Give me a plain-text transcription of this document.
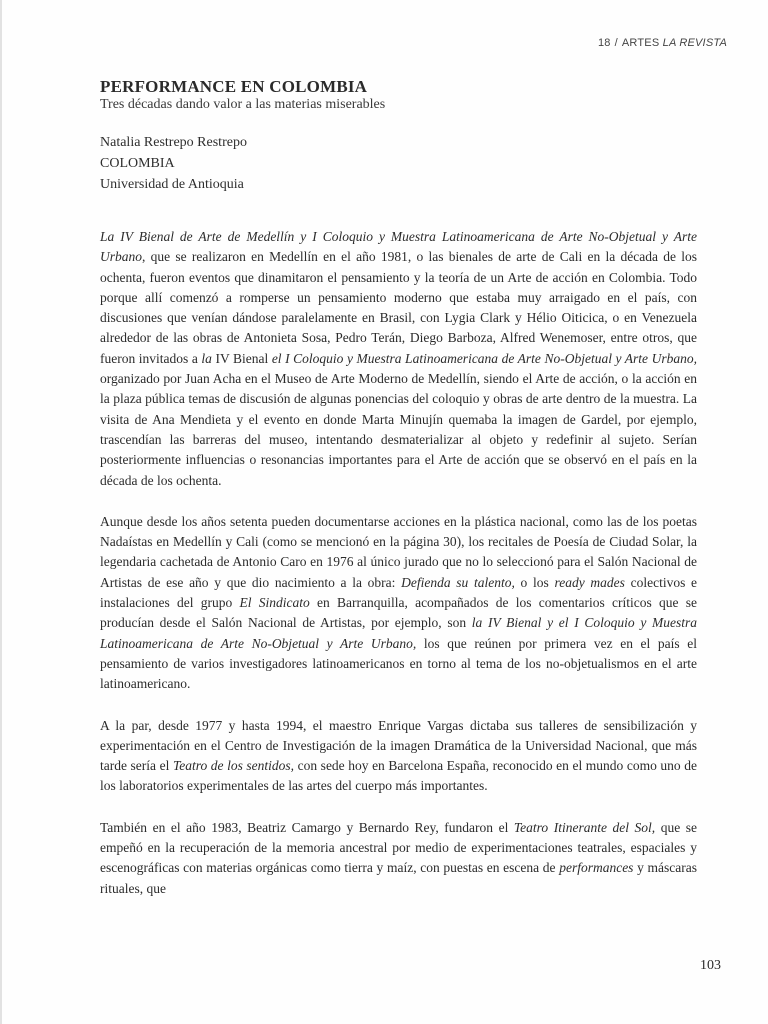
18 / ARTES LA REVISTA
PERFORMANCE EN COLOMBIA
Tres décadas dando valor a las materias miserables
Natalia Restrepo Restrepo
COLOMBIA
Universidad de Antioquia

La IV Bienal de Arte de Medellín y I Coloquio y Muestra Latinoamericana de Arte No-Objetual y Arte Urbano, que se realizaron en Medellín en el año 1981, o las bienales de arte de Cali en la década de los ochenta, fueron eventos que dinamitaron el pensamiento y la teoría de un Arte de acción en Colombia. Todo porque allí comenzó a romperse un pensamiento moderno que estaba muy arraigado en el país, con discusiones que venían dándose paralelamente en Brasil, con Lygia Clark y Hélio Oiticica, o en Venezuela alrededor de las obras de Antonieta Sosa, Pedro Terán, Diego Barboza, Alfred Wenemoser, entre otros, que fueron invitados a la IV Bienal el I Coloquio y Muestra Latinoamericana de Arte No-Objetual y Arte Urbano, organizado por Juan Acha en el Museo de Arte Moderno de Medellín, siendo el Arte de acción, o la acción en la plaza pública temas de discusión de algunas ponencias del coloquio y obras de arte dentro de la muestra. La visita de Ana Mendieta y el evento en donde Marta Minujín quemaba la imagen de Gardel, por ejemplo, trascendían las barreras del museo, intentando desmaterializar al objeto y redefinir al sujeto. Serían posteriormente influencias o resonancias importantes para el Arte de acción que se observó en el país en la década de los ochenta.

Aunque desde los años setenta pueden documentarse acciones en la plástica nacional, como las de los poetas Nadaístas en Medellín y Cali (como se mencionó en la página 30), los recitales de Poesía de Ciudad Solar, la legendaria cachetada de Antonio Caro en 1976 al único jurado que no lo seleccionó para el Salón Nacional de Artistas de ese año y que dio nacimiento a la obra: Defienda su talento, o los ready mades colectivos e instalaciones del grupo El Sindicato en Barranquilla, acompañados de los comentarios críticos que se producían desde el Salón Nacional de Artistas, por ejemplo, son la IV Bienal y el I Coloquio y Muestra Latinoamericana de Arte No-Objetual y Arte Urbano, los que reúnen por primera vez en el país el pensamiento de varios investigadores latinoamericanos en torno al tema de los no-objetualismos en el arte latinoamericano.

A la par, desde 1977 y hasta 1994, el maestro Enrique Vargas dictaba sus talleres de sensibilización y experimentación en el Centro de Investigación de la imagen Dramática de la Universidad Nacional, que más tarde sería el Teatro de los sentidos, con sede hoy en Barcelona España, reconocido en el mundo como uno de los laboratorios experimentales de las artes del cuerpo más importantes.

También en el año 1983, Beatriz Camargo y Bernardo Rey, fundaron el Teatro Itinerante del Sol, que se empeñó en la recuperación de la memoria ancestral por medio de experimentaciones teatrales, espaciales y escenográficas con materias orgánicas como tierra y maíz, con puestas en escena de performances y máscaras rituales, que

103
